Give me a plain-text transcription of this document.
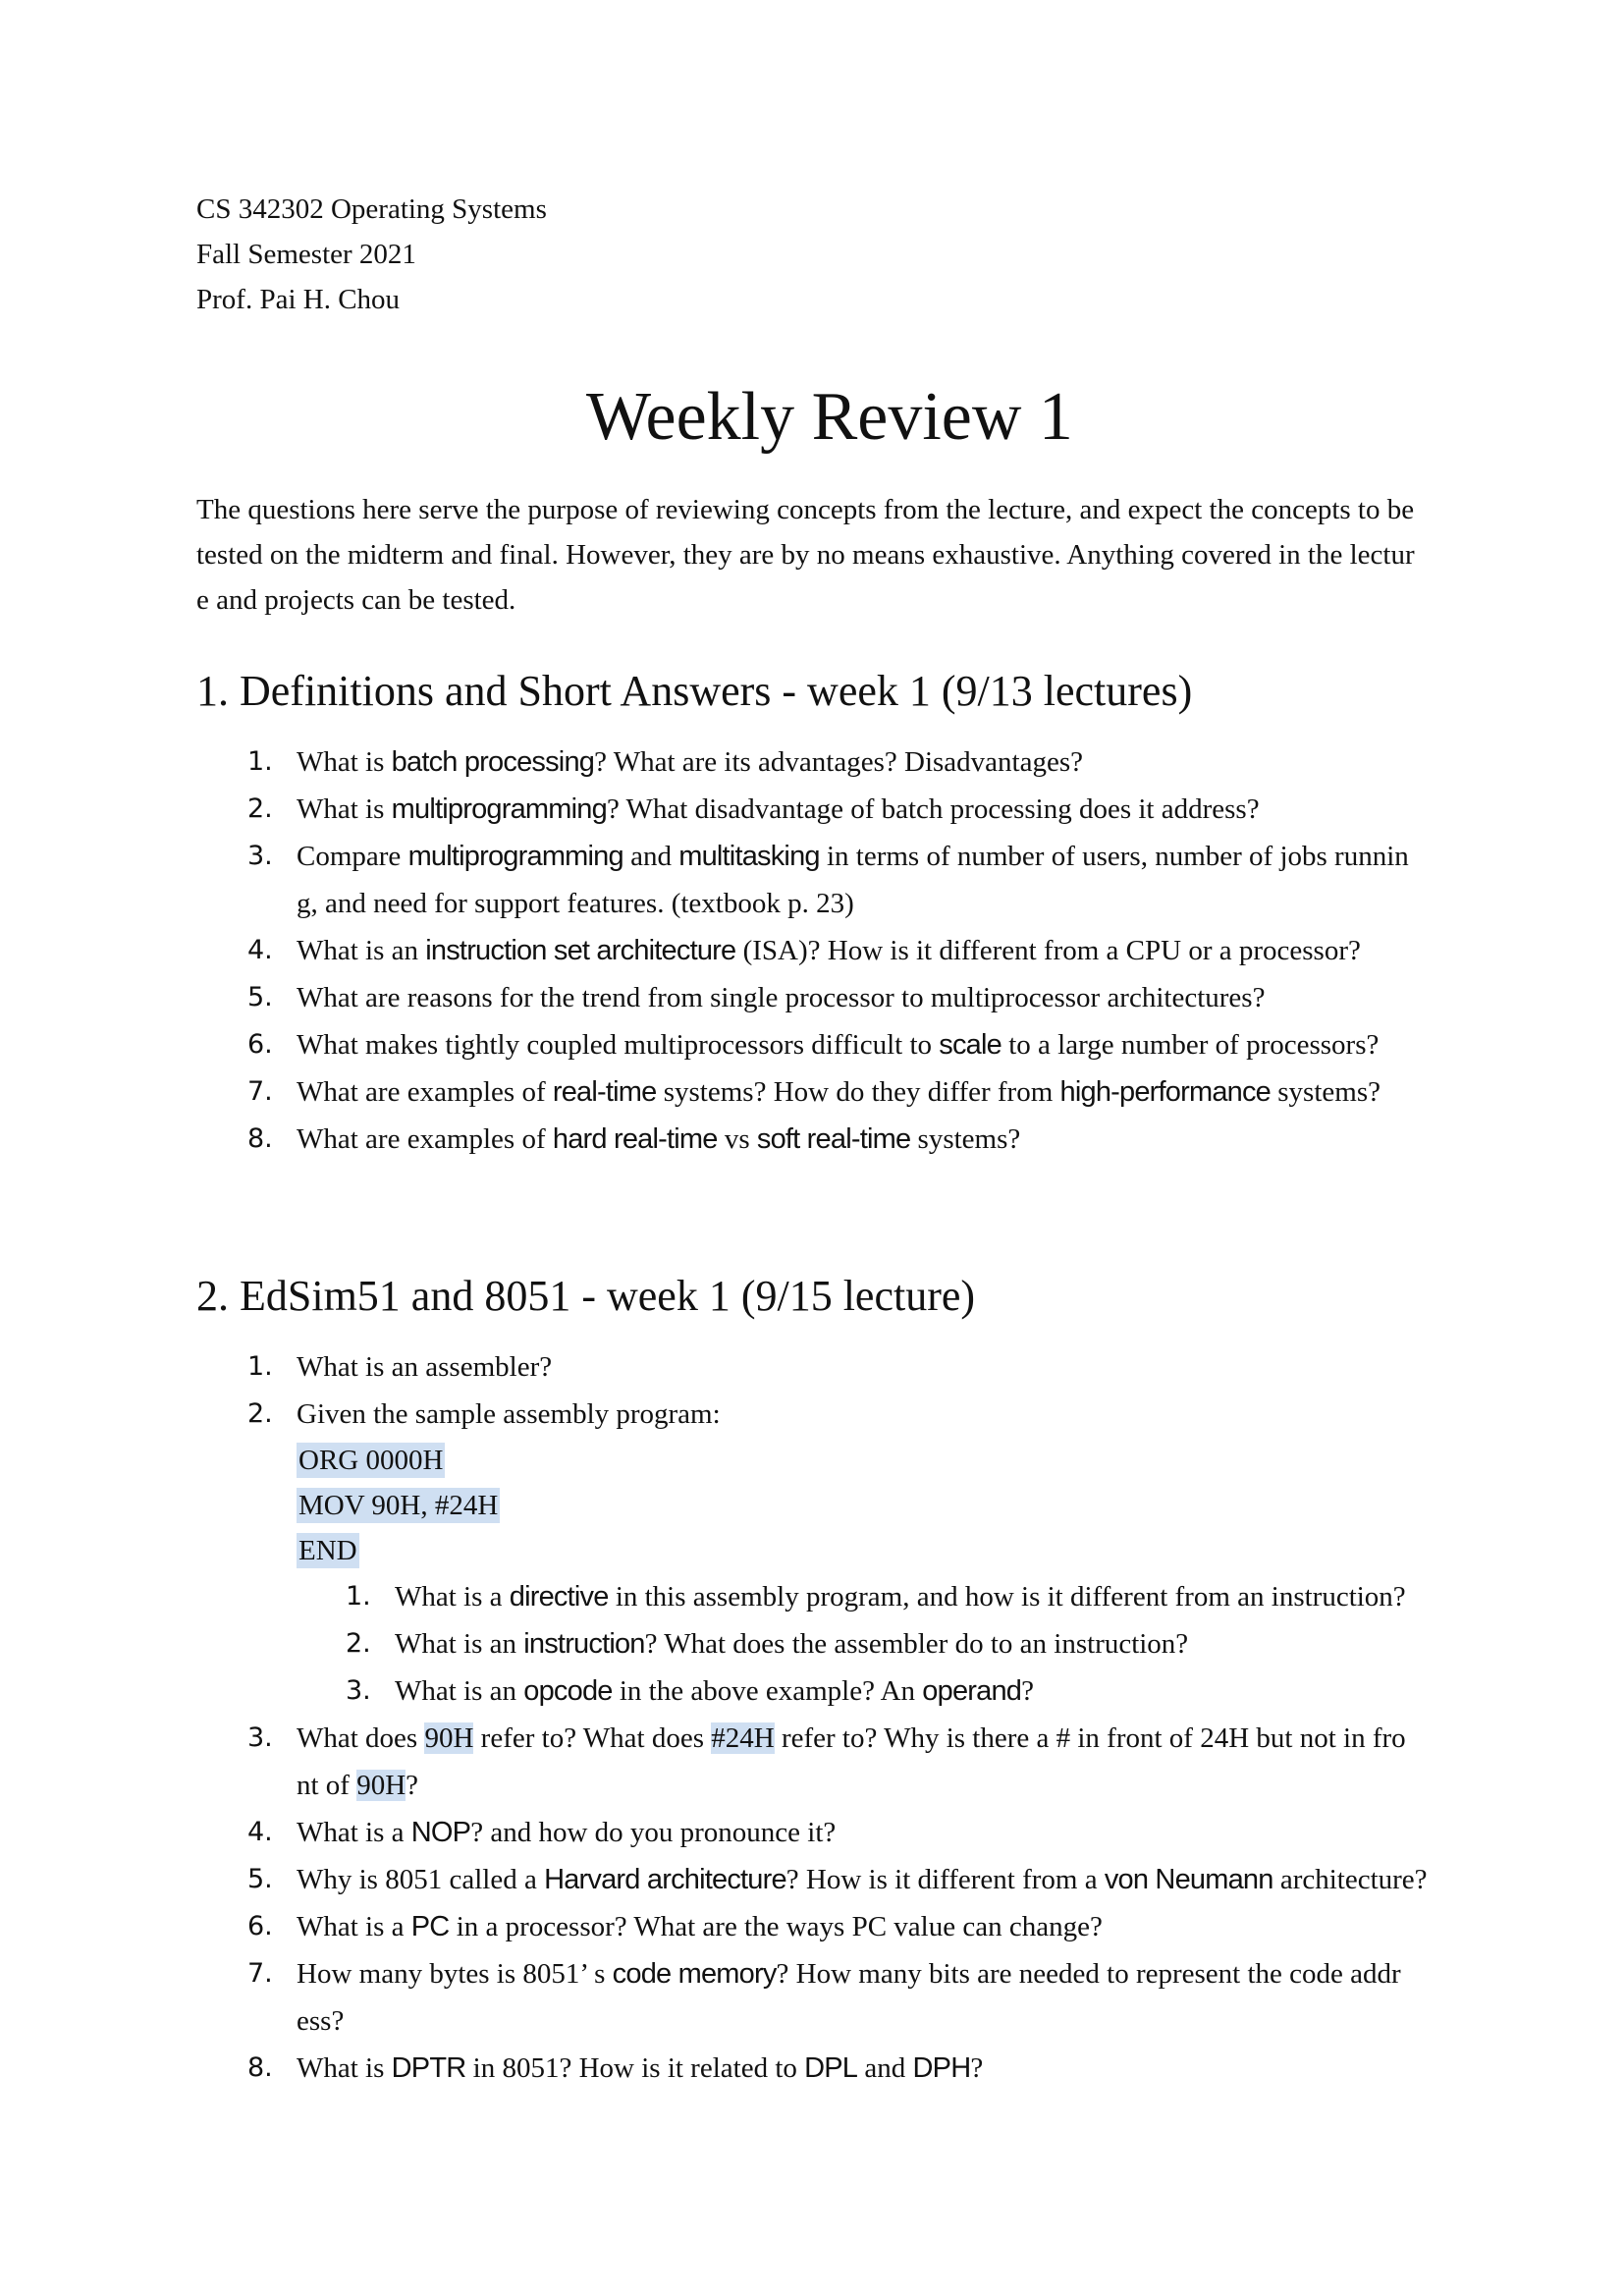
CS 342302 Operating Systems
Fall Semester 2021
Prof. Pai H. Chou
Weekly Review 1
The questions here serve the purpose of reviewing concepts from the lecture, and expect the concepts to be
tested on the midterm and final. However, they are by no means exhaustive. Anything covered in the lectur
e and projects can be tested.
1. Definitions and Short Answers - week 1 (9/13 lectures)
1. What is batch processing? What are its advantages? Disadvantages?
2. What is multiprogramming? What disadvantage of batch processing does it address?
3. Compare multiprogramming and multitasking in terms of number of users, number of jobs runnin
g, and need for support features. (textbook p. 23)
4. What is an instruction set architecture (ISA)? How is it different from a CPU or a processor?
5. What are reasons for the trend from single processor to multiprocessor architectures?
6. What makes tightly coupled multiprocessors difficult to scale to a large number of processors?
7. What are examples of real-time systems? How do they differ from high-performance systems?
8. What are examples of hard real-time vs soft real-time systems?
2. EdSim51 and 8051 - week 1 (9/15 lecture)
1. What is an assembler?
2. Given the sample assembly program:
ORG 0000H
MOV 90H, #24H
END
1. What is a directive in this assembly program, and how is it different from an instruction?
2. What is an instruction? What does the assembler do to an instruction?
3. What is an opcode in the above example? An operand?
3. What does 90H refer to? What does #24H refer to? Why is there a # in front of 24H but not in fro
nt of 90H?
4. What is a NOP? and how do you pronounce it?
5. Why is 8051 called a Harvard architecture? How is it different from a von Neumann architecture?
6. What is a PC in a processor? What are the ways PC value can change?
7. How many bytes is 8051’ s code memory? How many bits are needed to represent the code addr
ess?
8. What is DPTR in 8051? How is it related to DPL and DPH?
